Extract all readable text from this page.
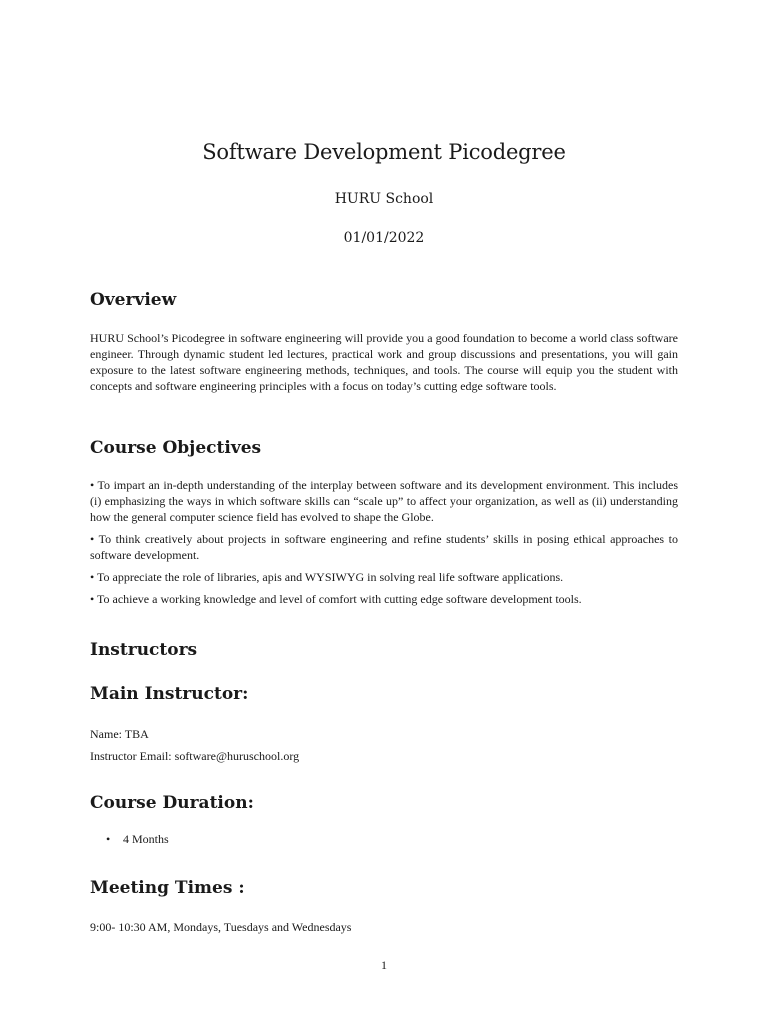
Software Development Picodegree
HURU School
01/01/2022
Overview

HURU School’s Picodegree in software engineering will provide you a good foundation to become a world class software engineer. Through dynamic student led lectures, practical work and group discussions and presentations, you will gain exposure to the latest software engineering methods, techniques, and tools. The course will equip you the student with concepts and software engineering principles with a focus on today’s cutting edge software tools.

Course Objectives

• To impart an in-depth understanding of the interplay between software and its development environment. This includes (i) emphasizing the ways in which software skills can “scale up” to affect your organization, as well as (ii) understanding how the general computer science field has evolved to shape the Globe.

• To think creatively about projects in software engineering and refine students’ skills in posing ethical approaches to software development.

• To appreciate the role of libraries, apis and WYSIWYG in solving real life software applications.

• To achieve a working knowledge and level of comfort with cutting edge software development tools.

Instructors
Main Instructor:
Name: TBA
Instructor Email: software@huruschool.org
Course Duration:
• 4 Months
Meeting Times :
9:00- 10:30 AM, Mondays, Tuesdays and Wednesdays
1
